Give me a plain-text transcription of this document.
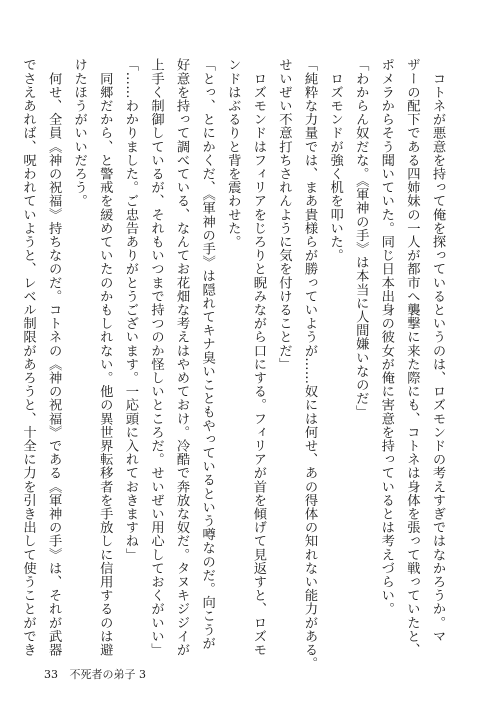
　コトネが悪意を持って俺を探っているというのは、ロズモンドの考えすぎではなかろうか。マ
ザーの配下である四姉妹の一人が都市へ襲撃に来た際にも、コトネは身体を張って戦っていたと、
ポメラからそう聞いていた。同じ日本出身の彼女が俺に害意を持っているとは考えづらい。
「わからん奴だな。《軍神の手》は本当に人間嫌いなのだ」
　ロズモンドが強く机を叩いた。
「純粋な力量では、まあ貴様らが勝っていようが……奴には何せ、あの得体の知れない能力がある。
せいぜい不意打ちされんように気を付けることだ」
　ロズモンドはフィリアをじろりと睨みながら口にする。フィリアが首を傾げて見返すと、ロズモ
ンドはぶるりと背を震わせた。
「とっ、とにかくだ、《軍神の手》は隠れてキナ臭いこともやっているという噂なのだ。向こうが
好意を持って調べている、なんてお花畑な考えはやめておけ。冷酷で奔放な奴だ。タヌキジジイが
上手く制御しているが、それもいつまで持つのか怪しいところだ。せいぜい用心しておくがいい」
「……わかりました。ご忠告ありがとうございます。一応頭に入れておきますね」
　同郷だから、と警戒を緩めていたのかもしれない。他の異世界転移者を手放しに信用するのは避
けたほうがいいだろう。
　何せ、全員《神の祝福》持ちなのだ。コトネの《神の祝福》である《軍神の手》は、それが武器
でさえあれば、呪われていようと、レベル制限があろうと、十全に力を引き出して使うことができ
33 不死者の弟子 3
